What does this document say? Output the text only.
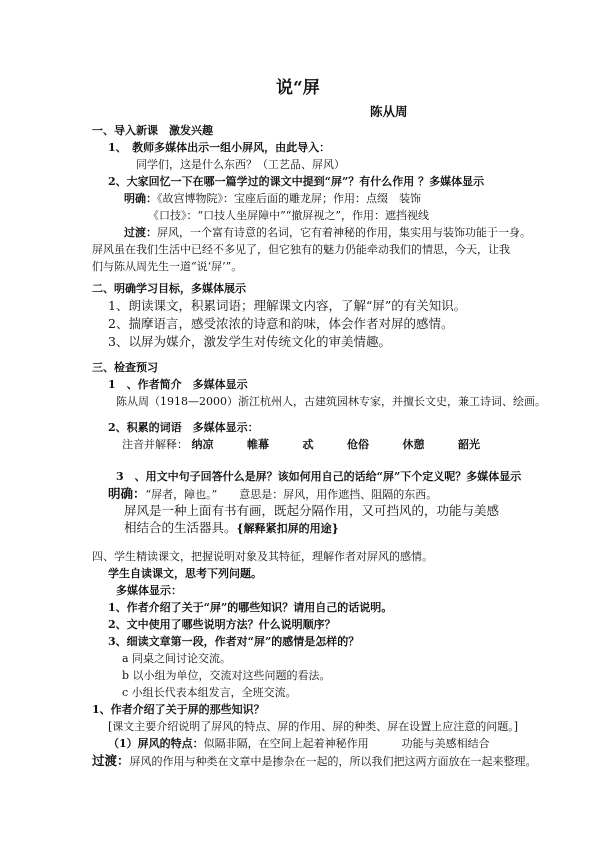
说“屏
陈从周
一、导入新课　激发兴趣
1、　教师多媒体出示一组小屏风，由此导入：
同学们，这是什么东西？（工艺品、屏风）
2、大家回忆一下在哪一篇学过的课文中提到“屏”？有什么作用 ？多媒体显示
明确：《故宫博物院》：宝座后面的雕龙屏；作用：点缀　装饰
《口技》：“口技人坐屏障中”“撤屏视之”，作用：遮挡视线
过渡：屏风，一个富有诗意的名词，它有着神秘的作用，集实用与装饰功能于一身。
屏风虽在我们生活中已经不多见了，但它独有的魅力仍能牵动我们的情思，今天，让我
们与陈从周先生一道“说‘屏’”。
二、明确学习目标，多媒体展示
1、朗读课文，积累词语；理解课文内容，了解“屏”的有关知识。
2、揣摩语言，感受浓浓的诗意和韵味，体会作者对屏的感情。
3、以屏为媒介，激发学生对传统文化的审美情趣。
三、检查预习
1　、作者简介　多媒体显示
陈从周（1918—2000）浙江杭州人，古建筑园林专家，并擅长文史，兼工诗词、绘画。
2、积累的词语　多媒体显示：
注音并解释： 纳凉	帷幕	忒	伧俗	休憩	韶光
3　、用文中句子回答什么是屏？该如何用自己的话给“屏”下个定义呢？多媒体显示
明确：“屏者，障也。”　　意思是：屏风，用作遮挡、阻隔的东西。
屏风是一种上面有书有画，既起分隔作用，又可挡风的，功能与美感
相结合的生活器具。{解释紧扣屏的用途}
四、学生精读课文，把握说明对象及其特征，理解作者对屏风的感情。
学生自读课文，思考下列问题。
多媒体显示：
1、作者介绍了关于“屏”的哪些知识？请用自己的话说明。
2、文中使用了哪些说明方法？什么说明顺序？
3、细读文章第一段，作者对“屏”的感情是怎样的？
a 同桌之间讨论交流。
b 以小组为单位，交流对这些问题的看法。
c 小组长代表本组发言，全班交流。
1、作者介绍了关于屏的那些知识？
[课文主要介绍说明了屏风的特点、屏的作用、屏的种类、屏在设置上应注意的问题。]
（1）屏风的特点：似隔非隔，在空间上起着神秘作用　　　功能与美感相结合
过渡：屏风的作用与种类在文章中是掺杂在一起的，所以我们把这两方面放在一起来整理。
